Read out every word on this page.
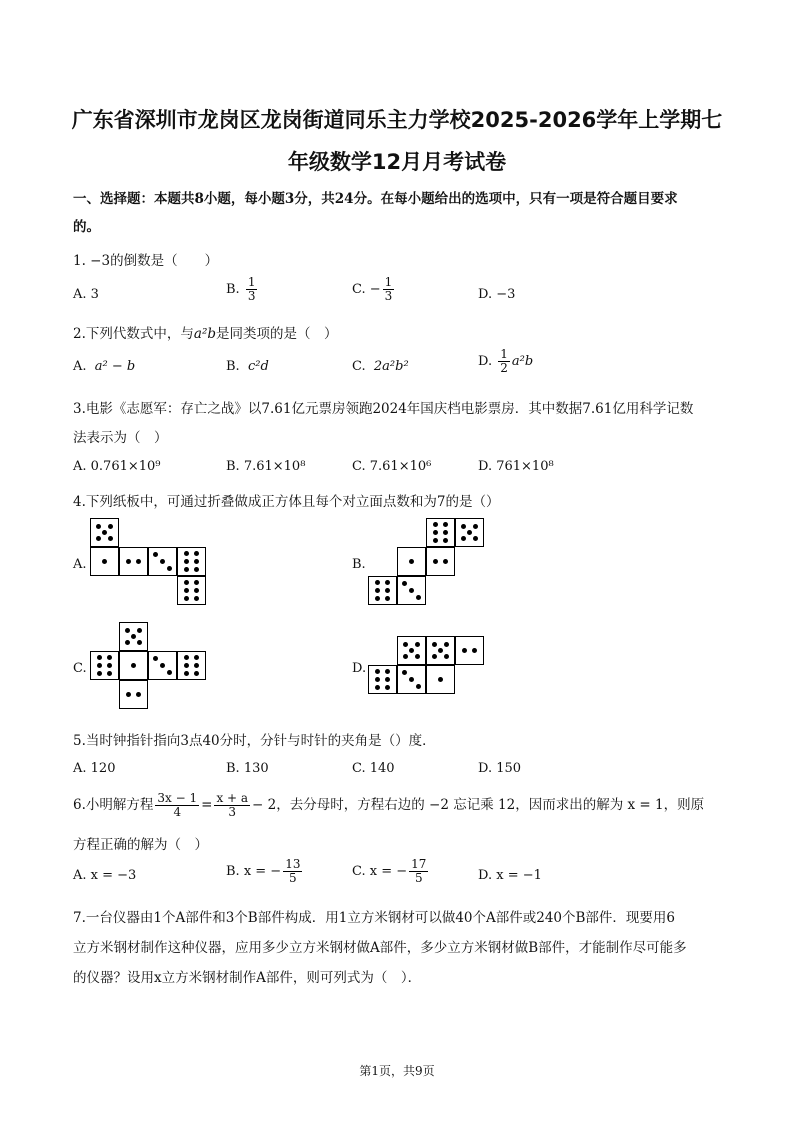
广东省深圳市龙岗区龙岗街道同乐主力学校2025-2026学年上学期七
年级数学12月月考试卷
一、选择题：本题共8小题，每小题3分，共24分。在每小题给出的选项中，只有一项是符合题目要求
的。
1. −3的倒数是（　　）
A. 3	B. $\frac{1}{3}$	C. − $\frac{1}{3}$	D. −3
2.下列代数式中，与a²b是同类项的是（　）
A. a² − b	B. c²d	C. 2a²b²	D. $\frac{1}{2} a^2b$
3.电影《志愿军：存亡之战》以7.61亿元票房领跑2024年国庆档电影票房．其中数据7.61亿用科学记数
法表示为（　）
A. 0.761×10⁹	B. 7.61×10⁸	C. 7.61×10⁶	D. 761×10⁸
4.下列纸板中，可通过折叠做成正方体且每个对立面点数和为7的是（）
A.	B.
C.	D.
5.当时钟指针指向3点40分时，分针与时针的夹角是（）度．
A. 120	B. 130	C. 140	D. 150
6.小明解方程 $\frac{3x - 1}{4} = \frac{x + a}{3} - 2$，去分母时，方程右边的 −2 忘记乘 12，因而求出的解为 x = 1，则原
方程正确的解为（　）
A. x = −3	B. x = − $\frac{13}{5}$	C. x = − $\frac{17}{5}$	D. x = −1
7.一台仪器由1个A部件和3个B部件构成．用1立方米钢材可以做40个A部件或240个B部件．现要用6
立方米钢材制作这种仪器，应用多少立方米钢材做A部件，多少立方米钢材做B部件，才能制作尽可能多
的仪器？设用x立方米钢材制作A部件，则可列式为（　）．
第1页，共9页
